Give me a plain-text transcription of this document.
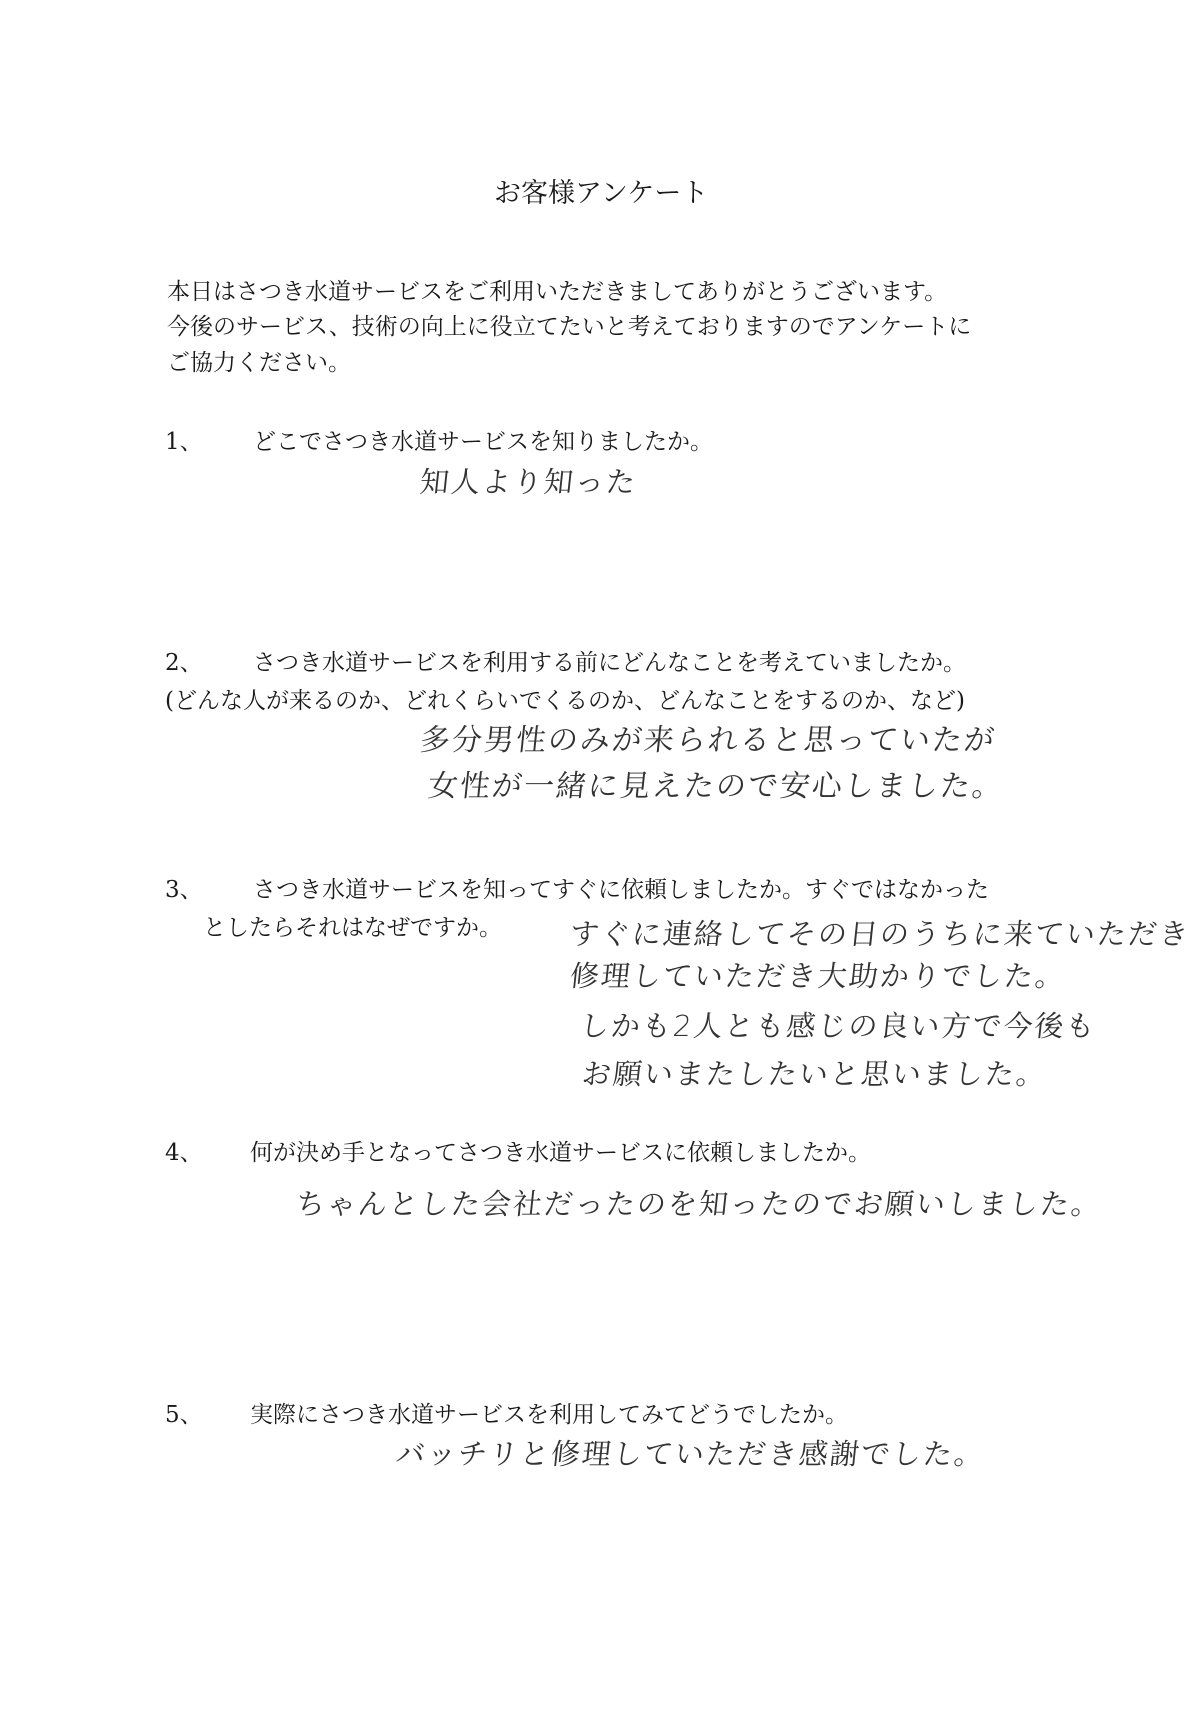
お客様アンケート
本日はさつき水道サービスをご利用いただきましてありがとうございます。
今後のサービス、技術の向上に役立てたいと考えておりますのでアンケートに
ご協力ください。
1、 どこでさつき水道サービスを知りましたか。
知人より知った
2、 さつき水道サービスを利用する前にどんなことを考えていましたか。
(どんな人が来るのか、どれくらいでくるのか、どんなことをするのか、など)
多分男性のみが来られると思っていたが
女性が一緒に見えたので安心しました。
3、 さつき水道サービスを知ってすぐに依頼しましたか。すぐではなかった
としたらそれはなぜですか。 すぐに連絡してその日のうちに来ていただき
修理していただき大助かりでした。
しかも2人とも感じの良い方で今後も
お願いまたしたいと思いました。
4、 何が決め手となってさつき水道サービスに依頼しましたか。
ちゃんとした会社だったのを知ったのでお願いしました。
5、 実際にさつき水道サービスを利用してみてどうでしたか。
バッチリと修理していただき感謝でした。
